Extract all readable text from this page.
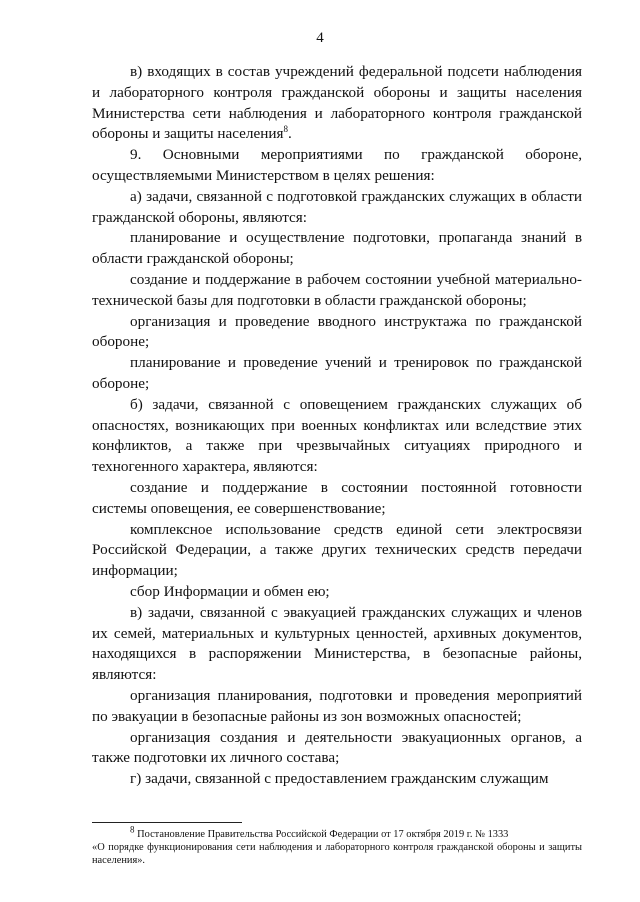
4

в) входящих в состав учреждений федеральной подсети наблюдения и лабораторного контроля гражданской обороны и защиты населения Министерства сети наблюдения и лабораторного контроля гражданской обороны и защиты населения$^8$.

9. Основными мероприятиями по гражданской обороне, осуществляемыми Министерством в целях решения:

а) задачи, связанной с подготовкой гражданских служащих в области гражданской обороны, являются:

планирование и осуществление подготовки, пропаганда знаний в области гражданской обороны;

создание и поддержание в рабочем состоянии учебной материально-технической базы для подготовки в области гражданской обороны;

организация и проведение вводного инструктажа по гражданской обороне;

планирование и проведение учений и тренировок по гражданской обороне;

б) задачи, связанной с оповещением гражданских служащих об опасностях, возникающих при военных конфликтах или вследствие этих конфликтов, а также при чрезвычайных ситуациях природного и техногенного характера, являются:

создание и поддержание в состоянии постоянной готовности системы оповещения, ее совершенствование;

комплексное использование средств единой сети электросвязи Российской Федерации, а также других технических средств передачи информации;

сбор Информации и обмен ею;

в) задачи, связанной с эвакуацией гражданских служащих и членов их семей, материальных и культурных ценностей, архивных документов, находящихся в распоряжении Министерства, в безопасные районы, являются:

организация планирования, подготовки и проведения мероприятий по эвакуации в безопасные районы из зон возможных опасностей;

организация создания и деятельности эвакуационных органов, а также подготовки их личного состава;

г) задачи, связанной с предоставлением гражданским служащим

$^8$ Постановление Правительства Российской Федерации от 17 октября 2019 г. № 1333
«О порядке функционирования сети наблюдения и лабораторного контроля гражданской обороны и защиты населения».
